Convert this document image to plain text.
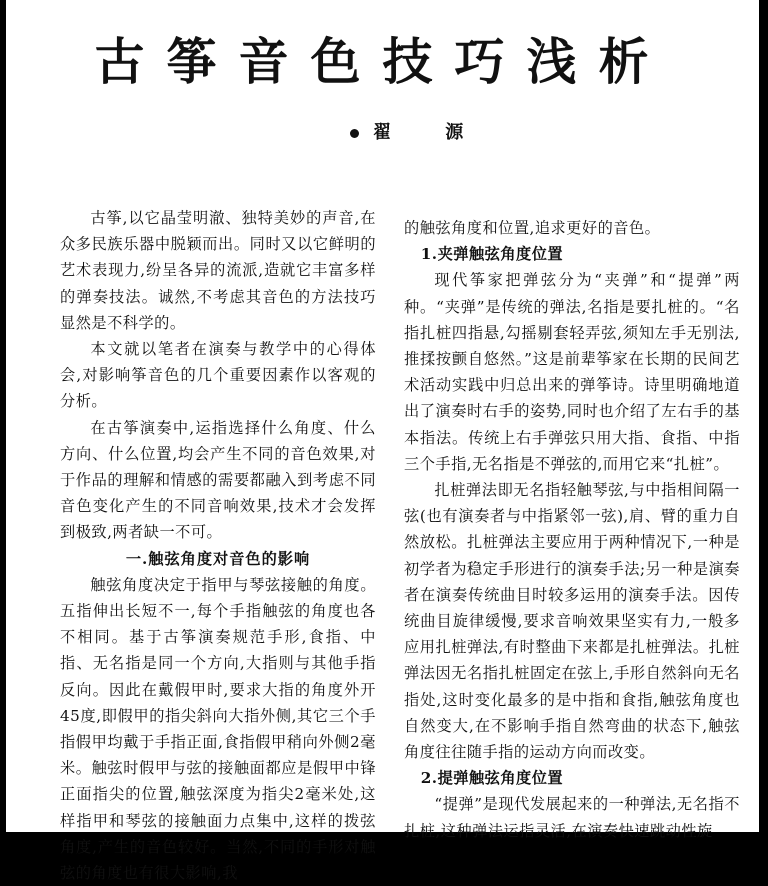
古筝音色技巧浅析
翟 源

古筝,以它晶莹明澈、独特美妙的声音,在众多民族乐器中脱颖而出。同时又以它鲜明的艺术表现力,纷呈各异的流派,造就它丰富多样的弹奏技法。诚然,不考虑其音色的方法技巧显然是不科学的。

本文就以笔者在演奏与教学中的心得体会,对影响筝音色的几个重要因素作以客观的分析。

在古筝演奏中,运指选择什么角度、什么方向、什么位置,均会产生不同的音色效果,对于作品的理解和情感的需要都融入到考虑不同音色变化产生的不同音响效果,技术才会发挥到极致,两者缺一不可。

一.触弦角度对音色的影响

触弦角度决定于指甲与琴弦接触的角度。五指伸出长短不一,每个手指触弦的角度也各不相同。基于古筝演奏规范手形,食指、中指、无名指是同一个方向,大指则与其他手指反向。因此在戴假甲时,要求大指的角度外开45度,即假甲的指尖斜向大指外侧,其它三个手指假甲均戴于手指正面,食指假甲稍向外侧2毫米。触弦时假甲与弦的接触面都应是假甲中锋正面指尖的位置,触弦深度为指尖2毫米处,这样指甲和琴弦的接触面力点集中,这样的拨弦角度,产生的音色较好。当然,不同的手形对触弦的角度也有很大影响,我

的触弦角度和位置,追求更好的音色。

1.夹弹触弦角度位置

现代筝家把弹弦分为“夹弹”和“提弹”两种。“夹弹”是传统的弹法,名指是要扎桩的。“名指扎桩四指悬,勾摇剔套轻弄弦,须知左手无别法,推揉按颤自悠然。”这是前辈筝家在长期的民间艺术活动实践中归总出来的弹筝诗。诗里明确地道出了演奏时右手的姿势,同时也介绍了左右手的基本指法。传统上右手弹弦只用大指、食指、中指三个手指,无名指是不弹弦的,而用它来“扎桩”。

扎桩弹法即无名指轻触琴弦,与中指相间隔一弦(也有演奏者与中指紧邻一弦),肩、臂的重力自然放松。扎桩弹法主要应用于两种情况下,一种是初学者为稳定手形进行的演奏手法;另一种是演奏者在演奏传统曲目时较多运用的演奏手法。因传统曲目旋律缓慢,要求音响效果坚实有力,一般多应用扎桩弹法,有时整曲下来都是扎桩弹法。扎桩弹法因无名指扎桩固定在弦上,手形自然斜向无名指处,这时变化最多的是中指和食指,触弦角度也自然变大,在不影响手指自然弯曲的状态下,触弦角度往往随手指的运动方向而改变。

2.提弹触弦角度位置

“提弹”是现代发展起来的一种弹法,无名指不扎桩,这种弹法运指灵活,在演奏快速跳动性旋
